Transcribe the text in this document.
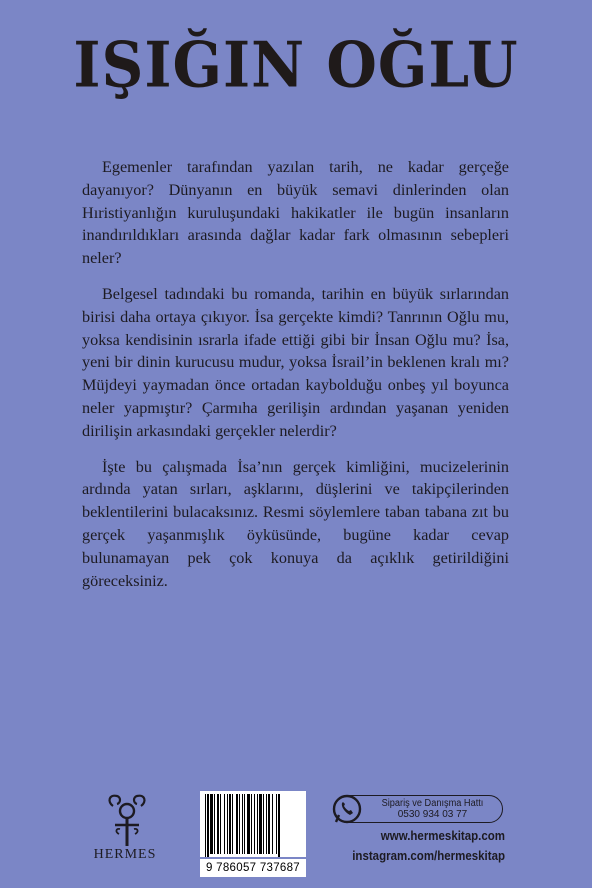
IŞIĞIN OĞLU

Egemenler tarafından yazılan tarih, ne kadar gerçeğe dayanıyor? Dünyanın en büyük semavi dinlerinden olan Hıristiyanlığın kuruluşundaki hakikatler ile bugün insanların inandırıldıkları arasında dağlar kadar fark olmasının sebepleri neler?

Belgesel tadındaki bu romanda, tarihin en büyük sırlarından birisi daha ortaya çıkıyor. İsa gerçekte kimdi? Tanrının Oğlu mu, yoksa kendisinin ısrarla ifade ettiği gibi bir İnsan Oğlu mu? İsa, yeni bir dinin kurucusu mudur, yoksa İsrail’in beklenen kralı mı? Müjdeyi yaymadan önce ortadan kaybolduğu onbeş yıl boyunca neler yapmıştır? Çarmıha gerilişin ardından yaşanan yeniden dirilişin arkasındaki gerçekler nelerdir?

İşte bu çalışmada İsa’nın gerçek kimliğini, mucizelerinin ardında yatan sırları, aşklarını, düşlerini ve takipçilerinden beklentilerini bulacaksınız. Resmi söylemlere taban tabana zıt bu gerçek yaşanmışlık öyküsünde, bugüne kadar cevap bulunamayan pek çok konuya da açıklık getirildiğini göreceksiniz.

HERMES
9 786057 737687
Sipariş ve Danışma Hattı
0530 934 03 77
www.hermeskitap.com
instagram.com/hermeskitap
